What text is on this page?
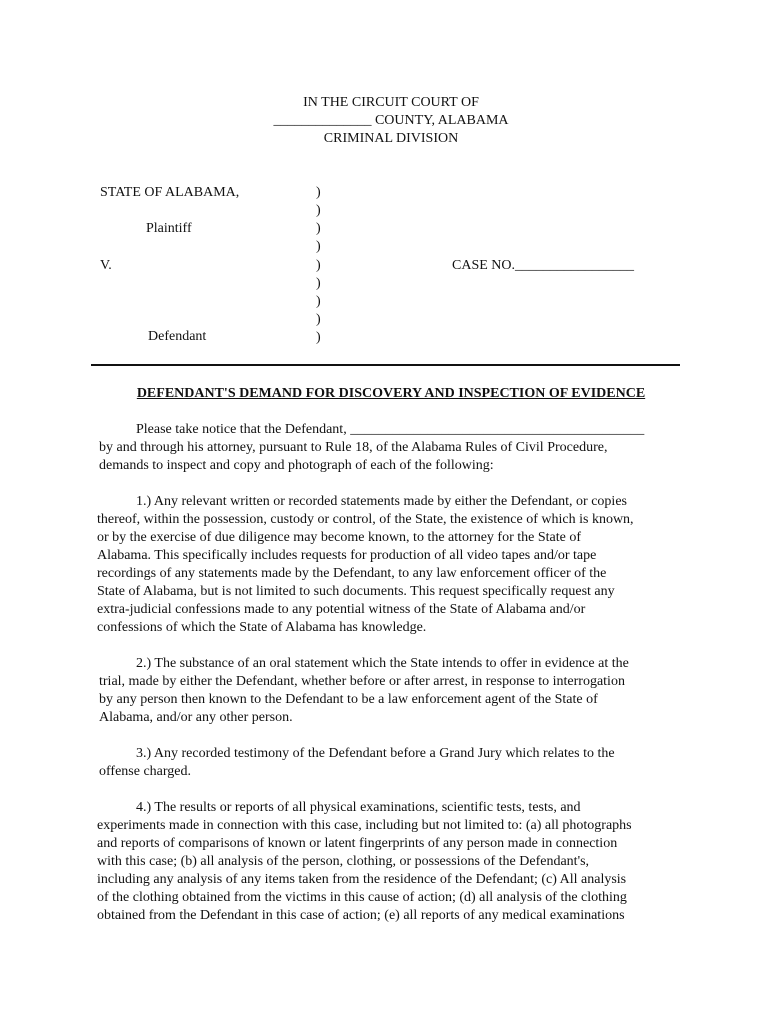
IN THE CIRCUIT COURT OF
______________ COUNTY, ALABAMA
CRIMINAL DIVISION
STATE OF ALABAMA,
Plaintiff
V.
Defendant
CASE NO._________________
)
)
)
)
)
)
)
)
)
DEFENDANT'S DEMAND FOR DISCOVERY AND INSPECTION OF EVIDENCE
Please take notice that the Defendant, __________________________________________
by and through his attorney, pursuant to Rule 18, of the Alabama Rules of Civil Procedure,
demands to inspect and copy and photograph of each of the following:
1.) Any relevant written or recorded statements made by either the Defendant, or copies
thereof, within the possession, custody or control, of the State, the existence of which is known,
or by the exercise of due diligence may become known, to the attorney for the State of
Alabama. This specifically includes requests for production of all video tapes and/or tape
recordings of any statements made by the Defendant, to any law enforcement officer of the
State of Alabama, but is not limited to such documents. This request specifically request any
extra-judicial confessions made to any potential witness of the State of Alabama and/or
confessions of which the State of Alabama has knowledge.
2.) The substance of an oral statement which the State intends to offer in evidence at the
trial, made by either the Defendant, whether before or after arrest, in response to interrogation
by any person then known to the Defendant to be a law enforcement agent of the State of
Alabama, and/or any other person.
3.) Any recorded testimony of the Defendant before a Grand Jury which relates to the
offense charged.
4.) The results or reports of all physical examinations, scientific tests, tests, and
experiments made in connection with this case, including but not limited to: (a) all photographs
and reports of comparisons of known or latent fingerprints of any person made in connection
with this case; (b) all analysis of the person, clothing, or possessions of the Defendant's,
including any analysis of any items taken from the residence of the Defendant; (c) All analysis
of the clothing obtained from the victims in this cause of action; (d) all analysis of the clothing
obtained from the Defendant in this case of action; (e) all reports of any medical examinations
